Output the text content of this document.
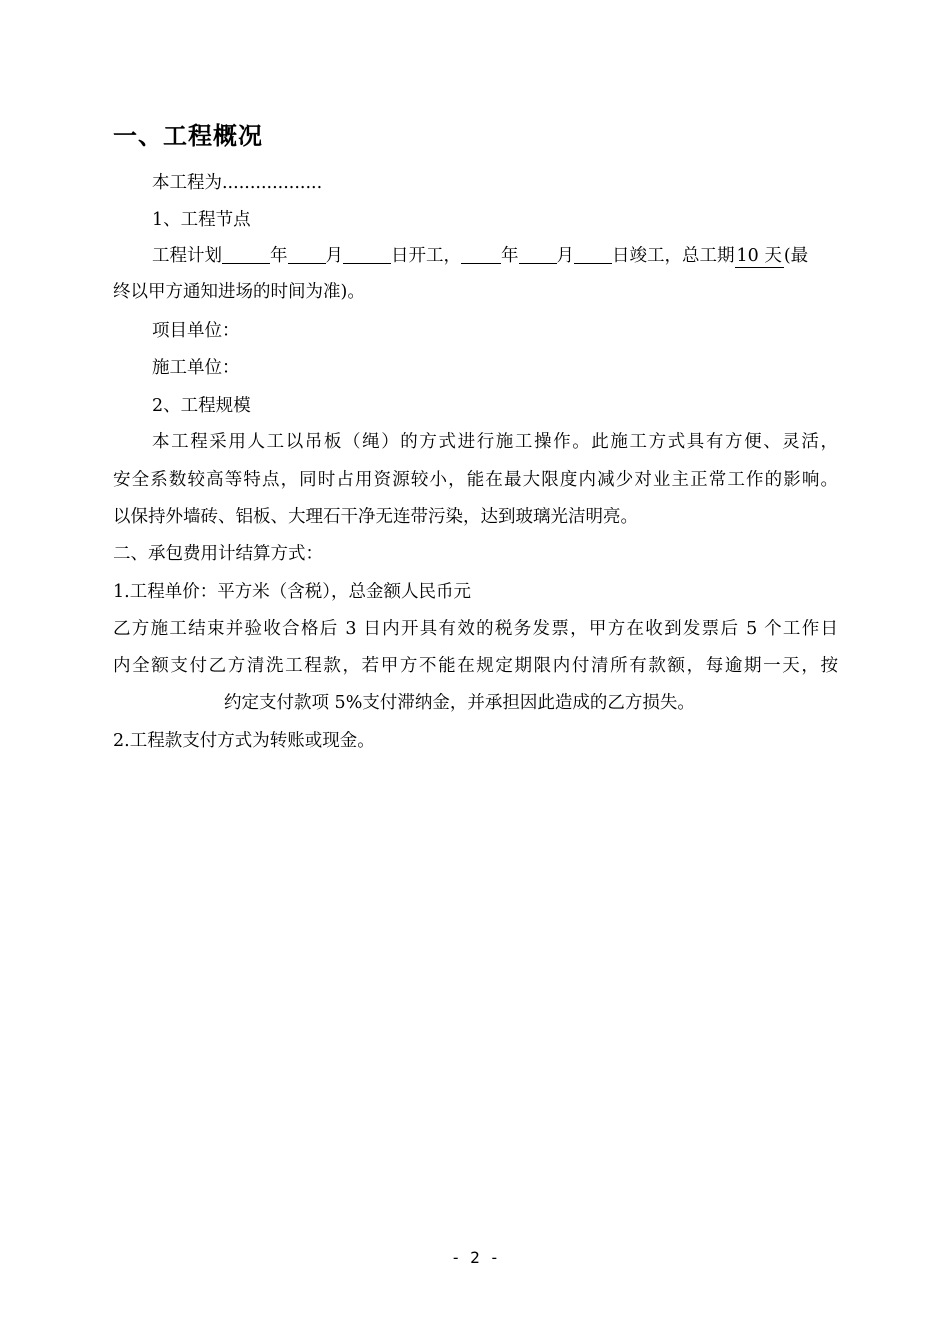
一、工程概况
本工程为..................
1、工程节点
工程计划	年 月	日开工， 年 月 日竣工，总工期 10 天 (最
终以甲方通知进场的时间为准)。
项目单位：
施工单位：
2、工程规模
本工程采用人工以吊板（绳）的方式进行施工操作。此施工方式具有方便、灵活，
安全系数较高等特点，同时占用资源较小，能在最大限度内减少对业主正常工作的影响。
以保持外墙砖、铝板、大理石干净无连带污染，达到玻璃光洁明亮。
二、承包费用计结算方式：
1.工程单价：平方米（含税），总金额人民币元
乙方施工结束并验收合格后 3 日内开具有效的税务发票，甲方在收到发票后 5 个工作日
内全额支付乙方清洗工程款，若甲方不能在规定期限内付清所有款额，每逾期一天，按
约定支付款项 5%支付滞纳金，并承担因此造成的乙方损失。
2.工程款支付方式为转账或现金。
- 2 -
